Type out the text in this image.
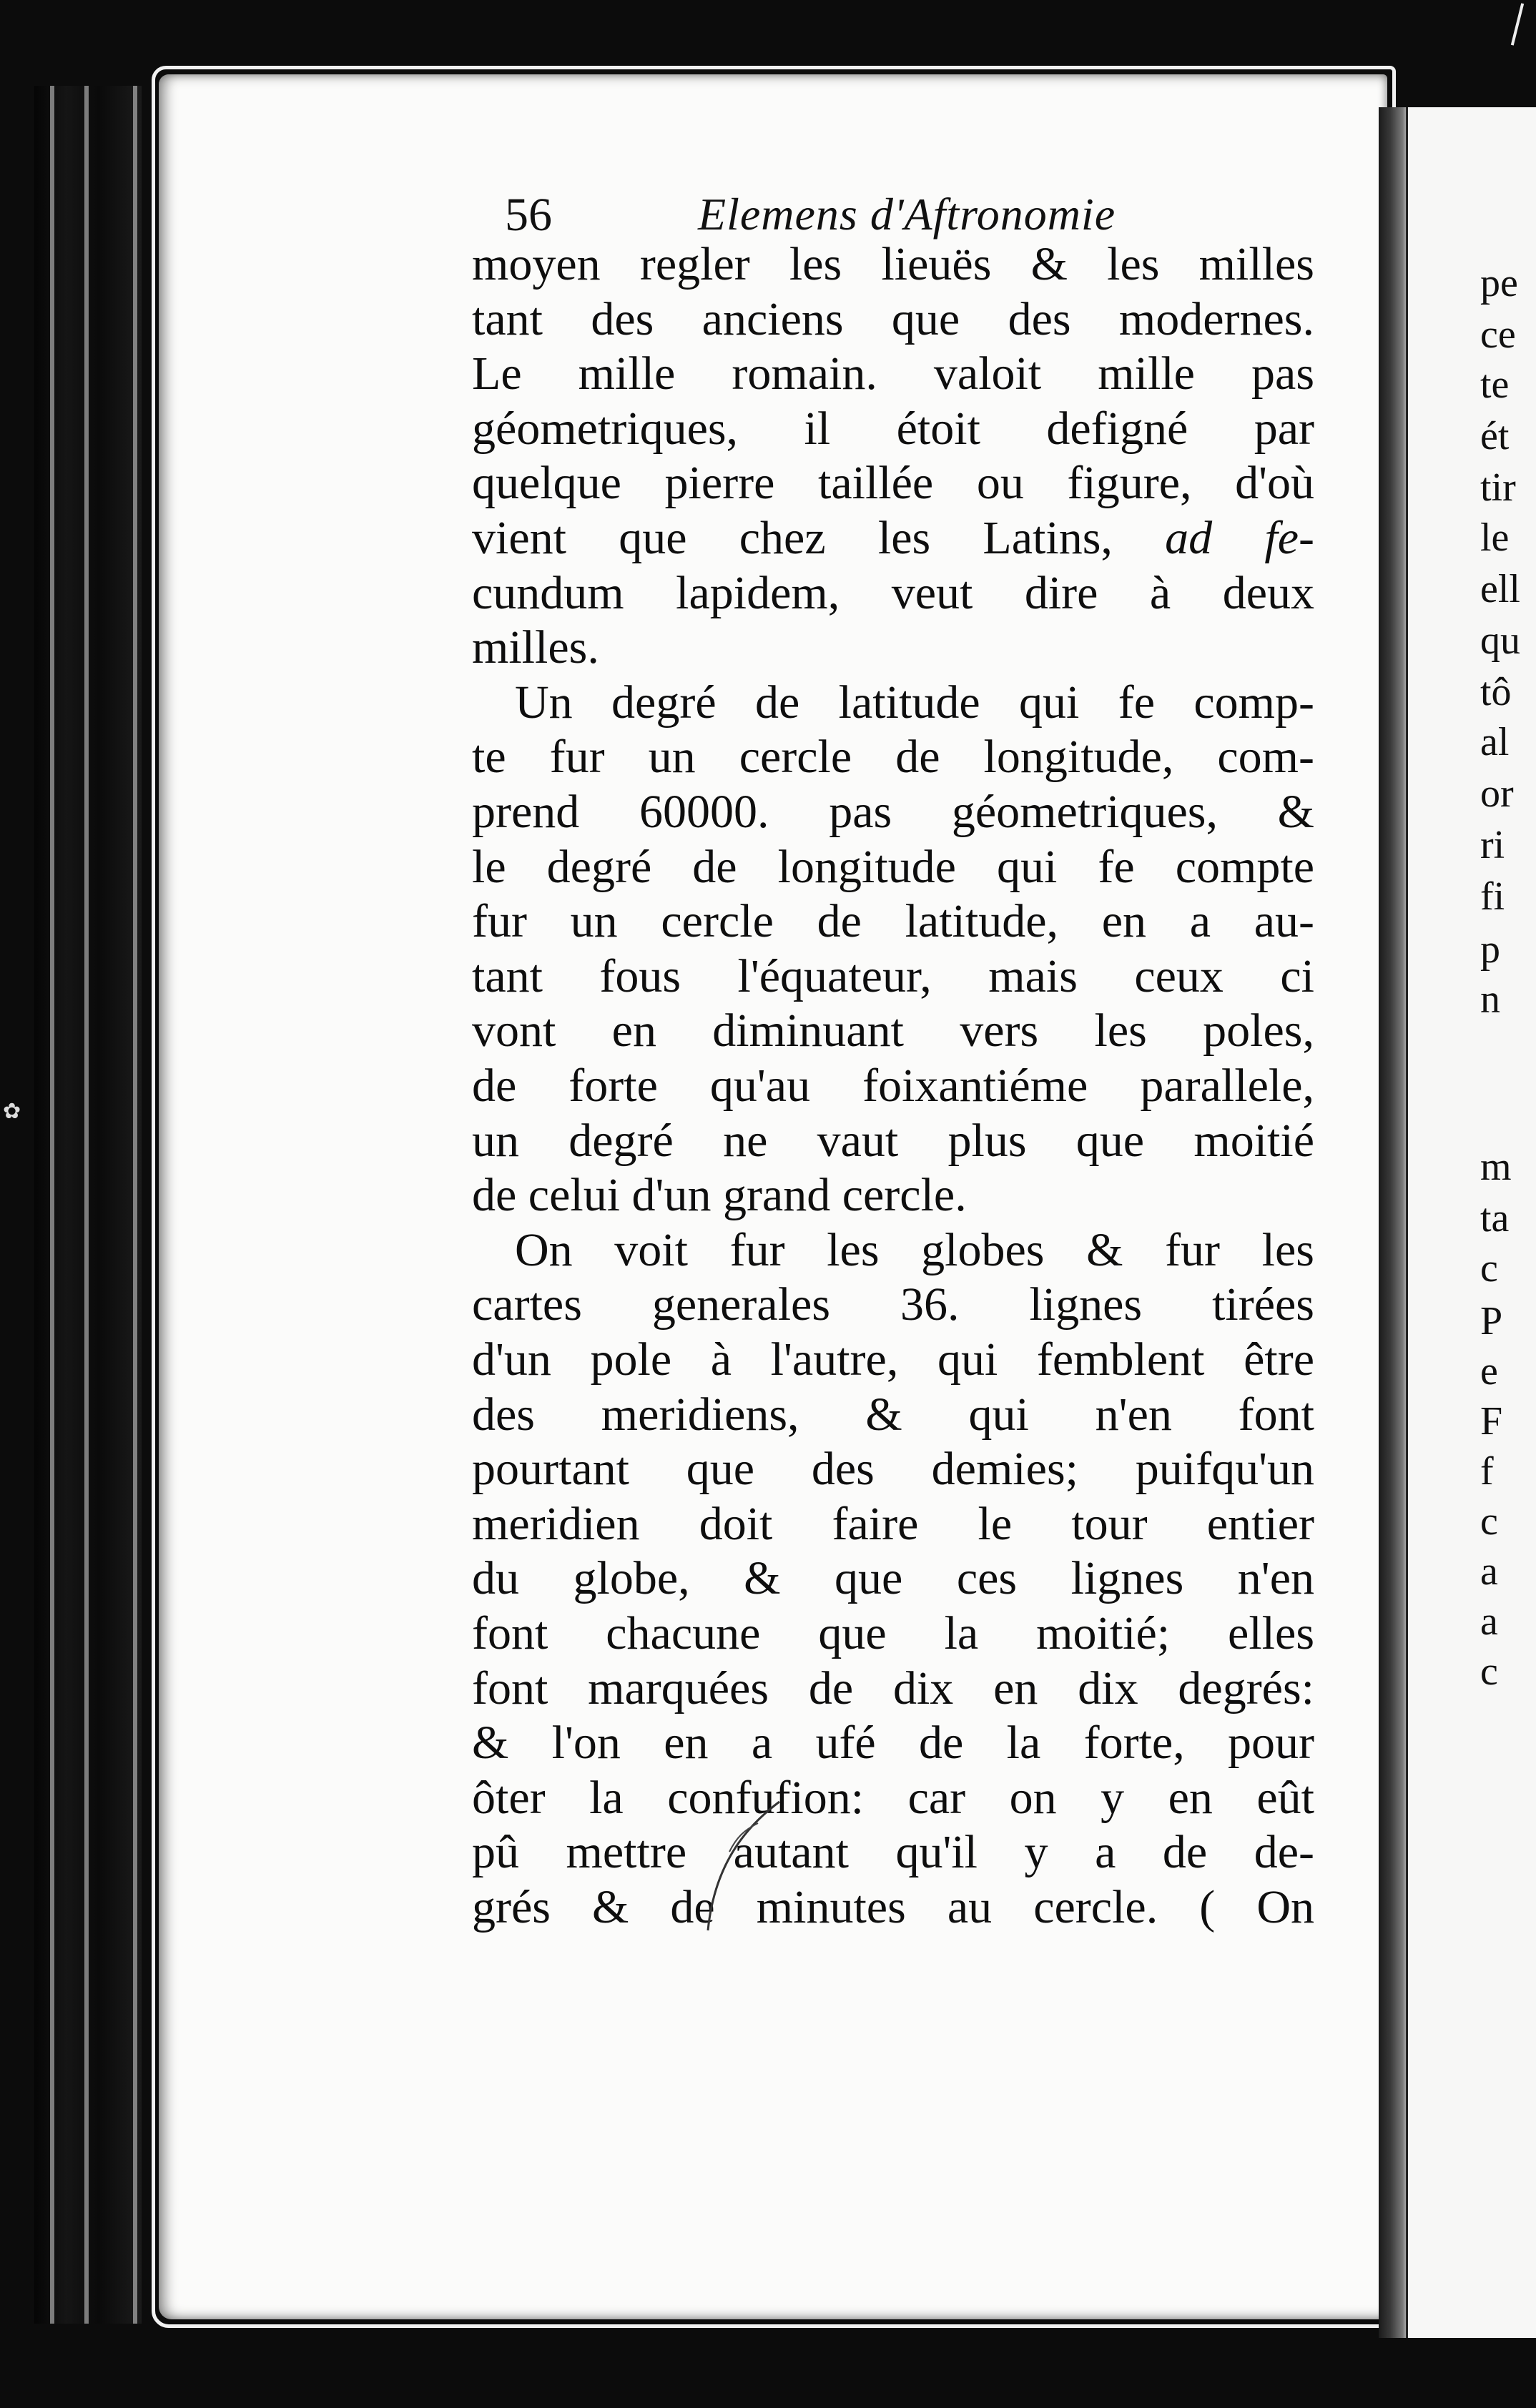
✿
56	Elemens d'Aftronomie
moyen regler les lieuës & les milles
tant des anciens que des modernes.
Le mille romain. valoit mille pas
géometriques, il étoit defigné par
quelque pierre taillée ou figure, d'où
vient que chez les Latins, ad fe-
cundum lapidem, veut dire à deux
milles.
Un degré de latitude qui fe comp-
te fur un cercle de longitude, com-
prend 60000. pas géometriques, &
le degré de longitude qui fe compte
fur un cercle de latitude, en a au-
tant fous l'équateur, mais ceux ci
vont en diminuant vers les poles,
de forte qu'au foixantiéme parallele,
un degré ne vaut plus que moitié
de celui d'un grand cercle.
On voit fur les globes & fur les
cartes generales 36. lignes tirées
d'un pole à l'autre, qui femblent être
des meridiens, & qui n'en font
pourtant que des demies; puifqu'un
meridien doit faire le tour entier
du globe, & que ces lignes n'en
font chacune que la moitié; elles
font marquées de dix en dix degrés:
& l'on en a ufé de la forte, pour
ôter la confufion: car on y en eût
pû mettre autant qu'il y a de de-
grés & de minutes au cercle. ( On
pe
ce
te
ét
tir
le
ell
qu
tô
al
or
ri
fi
p
n
m
ta
c
P
e
F
f
c
a
a
c
